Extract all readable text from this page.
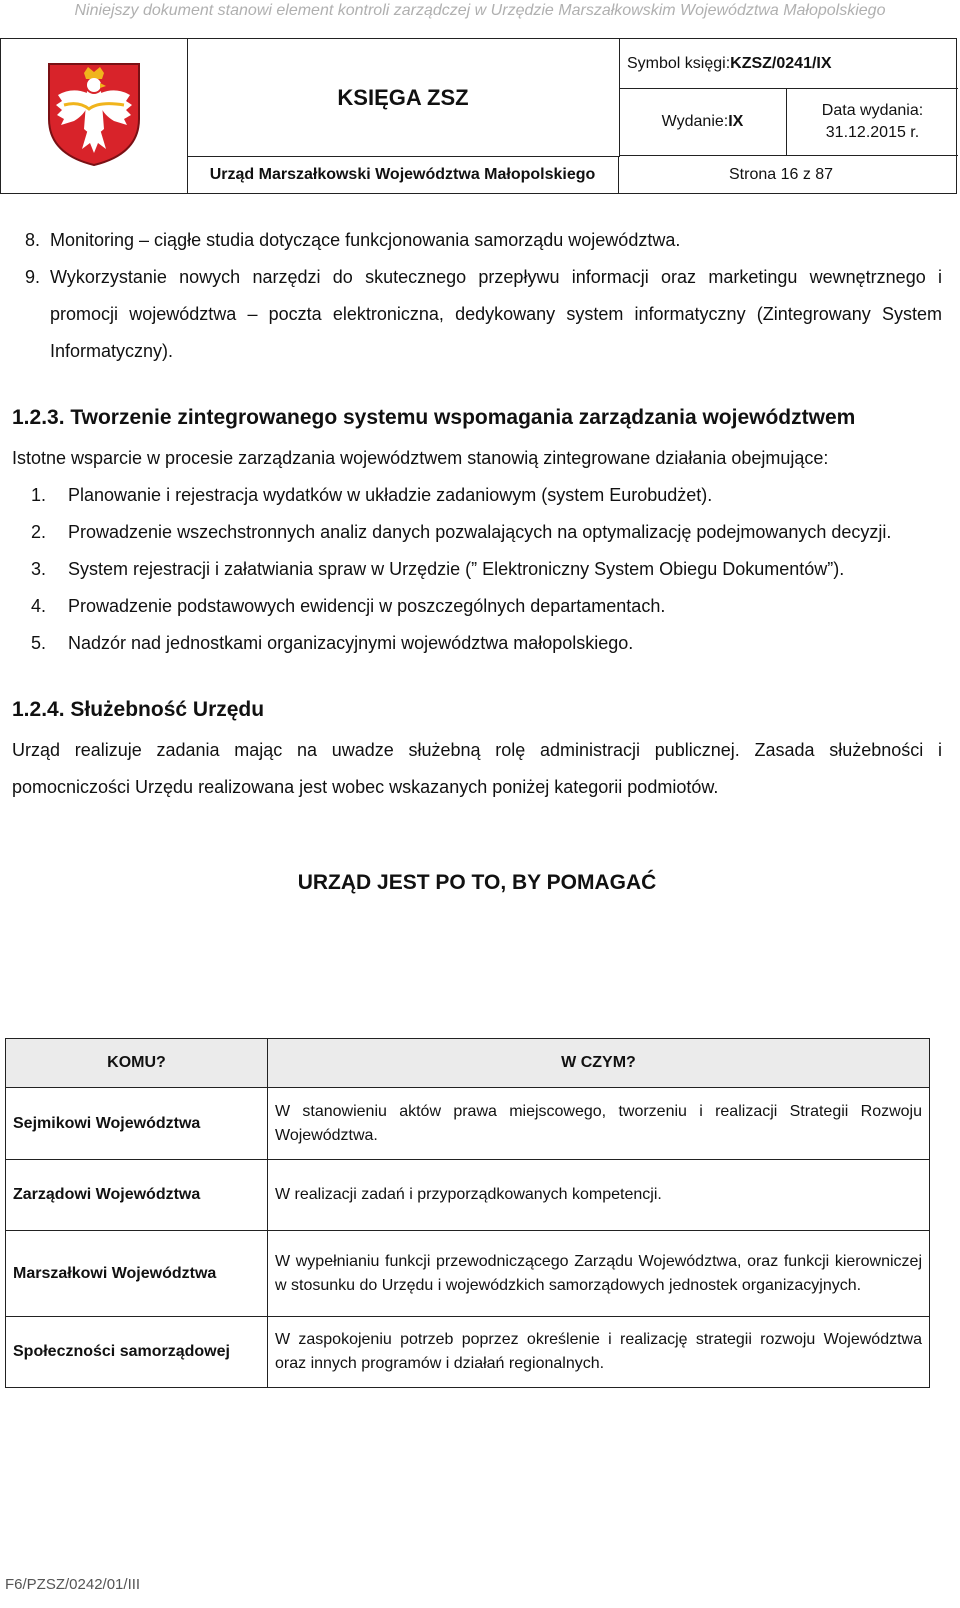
Niniejszy dokument stanowi element kontroli zarządczej w Urzędzie Marszałkowskim Województwa Małopolskiego
KSIĘGA ZSZ
Symbol księgi: KZSZ/0241/IX
Wydanie: IX
Data wydania:
31.12.2015 r.
Urząd Marszałkowski Województwa Małopolskiego	Strona 16 z 87
8. Monitoring – ciągłe studia dotyczące funkcjonowania samorządu województwa.
9. Wykorzystanie nowych narzędzi do skutecznego przepływu informacji oraz marketingu wewnętrznego i promocji województwa – poczta elektroniczna, dedykowany system informatyczny (Zintegrowany System Informatyczny).
1.2.3. Tworzenie zintegrowanego systemu wspomagania zarządzania województwem
Istotne wsparcie w procesie zarządzania województwem stanowią zintegrowane działania obejmujące:
1.	Planowanie i rejestracja wydatków w układzie zadaniowym (system Eurobudżet).
2.	Prowadzenie wszechstronnych analiz danych pozwalających na optymalizację podejmowanych decyzji.
3.	System rejestracji i załatwiania spraw w Urzędzie (” Elektroniczny System Obiegu Dokumentów”).
4.	Prowadzenie podstawowych ewidencji w poszczególnych departamentach.
5.	Nadzór nad jednostkami organizacyjnymi województwa małopolskiego.
1.2.4. Służebność Urzędu
Urząd realizuje zadania mając na uwadze służebną rolę administracji publicznej. Zasada służebności i pomocniczości Urzędu realizowana jest wobec wskazanych poniżej kategorii podmiotów.
URZĄD JEST PO TO, BY POMAGAĆ
KOMU?	W CZYM?
Sejmikowi Województwa	W stanowieniu aktów prawa miejscowego, tworzeniu i realizacji Strategii Rozwoju Województwa.
Zarządowi Województwa	W realizacji zadań i przyporządkowanych kompetencji.
Marszałkowi Województwa	W wypełnianiu funkcji przewodniczącego Zarządu Województwa, oraz funkcji kierowniczej w stosunku do Urzędu i wojewódzkich samorządowych jednostek organizacyjnych.
Społeczności samorządowej	W zaspokojeniu potrzeb poprzez określenie i realizację strategii rozwoju Województwa oraz innych programów i działań regionalnych.
F6/PZSZ/0242/01/III
